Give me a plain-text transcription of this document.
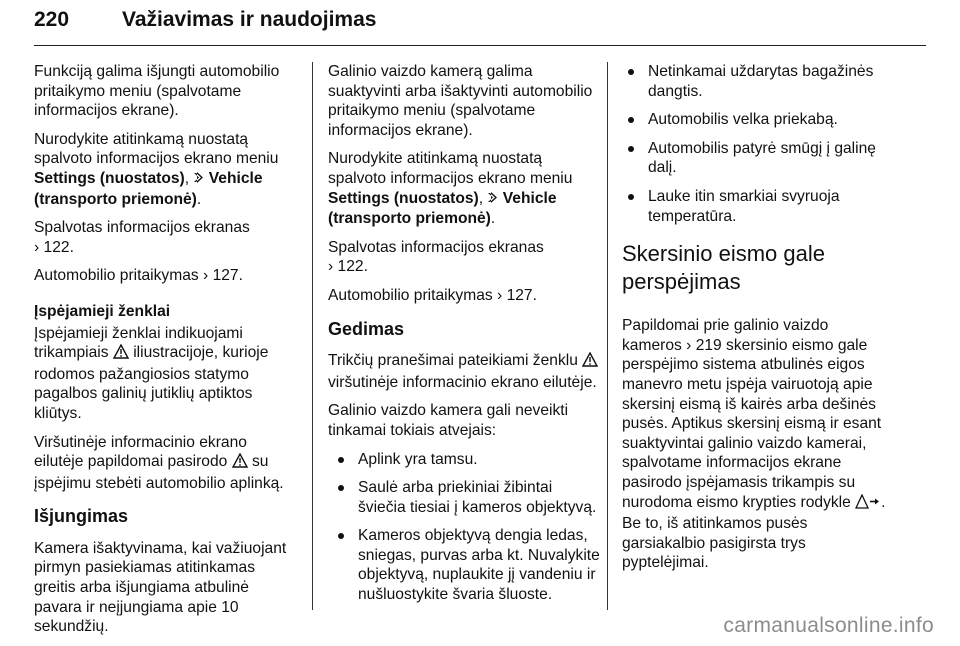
220	Važiavimas ir naudojimas

Funkciją galima išjungti automobilio pritaikymo meniu (spalvotame informacijos ekrane).

Nurodykite atitinkamą nuostatą spalvoto informacijos ekrano meniu Settings (nuostatos),  Vehicle (transporto priemonė).

Spalvotas informacijos ekranas
› 122.

Automobilio pritaikymas › 127.

Įspėjamieji ženklai

Įspėjamieji ženklai indikuojami trikampiais  iliustracijoje, kurioje rodomos pažangiosios statymo pagalbos galinių jutiklių aptiktos kliūtys.

Viršutinėje informacinio ekrano eilutėje papildomai pasirodo  su įspėjimu stebėti automobilio aplinką.

Išjungimas

Kamera išaktyvinama, kai važiuojant pirmyn pasiekiamas atitinkamas greitis arba išjungiama atbulinė pavara ir neįjungiama apie 10 sekundžių.

Galinio vaizdo kamerą galima suaktyvinti arba išaktyvinti automobilio pritaikymo meniu (spalvotame informacijos ekrane).

Nurodykite atitinkamą nuostatą spalvoto informacijos ekrano meniu Settings (nuostatos),  Vehicle (transporto priemonė).

Spalvotas informacijos ekranas
› 122.

Automobilio pritaikymas › 127.

Gedimas

Trikčių pranešimai pateikiami ženklu  viršutinėje informacinio ekrano eilutėje.

Galinio vaizdo kamera gali neveikti tinkamai tokiais atvejais:

Aplink yra tamsu.
Saulė arba priekiniai žibintai šviečia tiesiai į kameros objektyvą.
Kameros objektyvą dengia ledas, sniegas, purvas arba kt. Nuvalykite objektyvą, nuplaukite jį vandeniu ir nušluostykite švaria šluoste.
Netinkamai uždarytas bagažinės dangtis.
Automobilis velka priekabą.
Automobilis patyrė smūgį į galinę dalį.
Lauke itin smarkiai svyruoja temperatūra.
Skersinio eismo gale perspėjimas

Papildomai prie galinio vaizdo kameros › 219 skersinio eismo gale perspėjimo sistema atbulinės eigos manevro metu įspėja vairuotoją apie skersinį eismą iš kairės arba dešinės pusės. Aptikus skersinį eismą ir esant suaktyvintai galinio vaizdo kamerai, spalvotame informacijos ekrane pasirodo įspėjamasis trikampis su nurodoma eismo krypties rodykle . Be to, iš atitinkamos pusės garsiakalbio pasigirsta trys pyptelėjimai.

carmanualsonline.info
